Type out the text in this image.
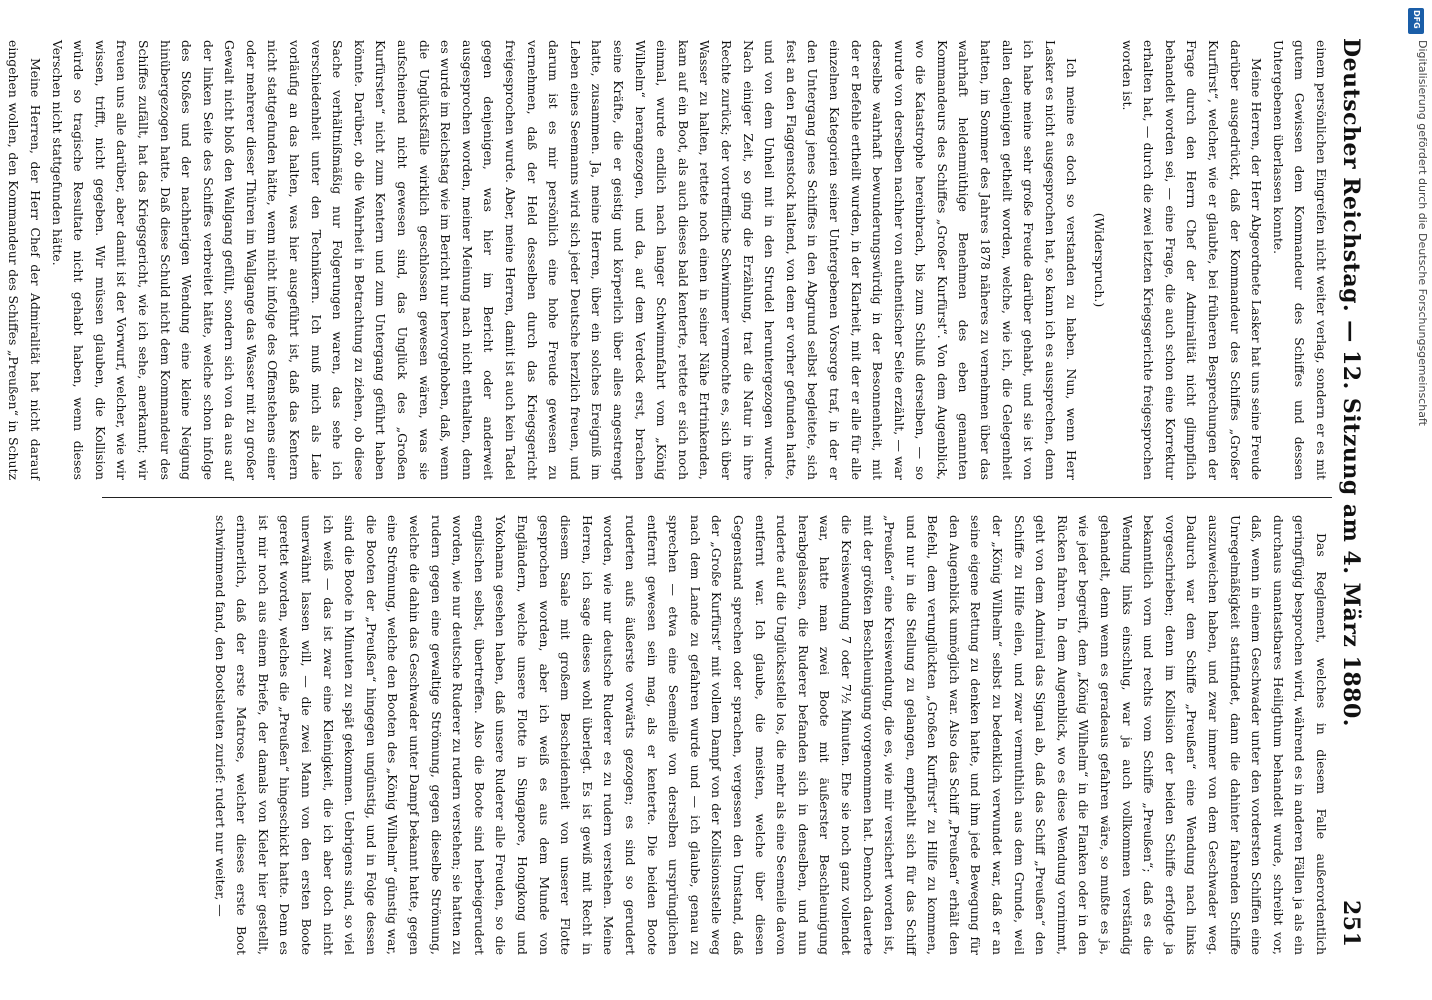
Deutscher Reichstag. —
12. Sitzung am 4. März 1880.
251

einem persönlichen Eingreifen nicht weiter verlag, sondern er es mit gutem Gewissen dem Kommandeur des Schiffes und dessen Untergebenen überlassen konnte.

Meine Herren, der Herr Abgeordnete Lasker hat uns seine Freude darüber ausgedrückt, daß der Kommandeur des Schiffes „Großer Kurfürst“, welcher, wie er glaubte, bei früheren Besprechungen der Frage durch den Herrn Chef der Admiralität nicht glimpflich behandelt worden sei, — eine Frage, die auch schon eine Korrektur erhalten hat, — durch die zwei letzten Kriegsgerichte freigesprochen worden ist.

(Widerspruch.)

Ich meine es doch so verstanden zu haben. Nun, wenn Herr Lasker es nicht ausgesprochen hat, so kann ich es aussprechen, denn ich habe meine sehr große Freude darüber gehabt, und sie ist von allen denjenigen getheilt worden, welche, wie ich, die Gelegenheit hatten, im Sommer des Jahres 1878 näheres zu vernehmen über das wahrhaft heldenmüthige Benehmen des eben genannten Kommandeurs des Schiffes „Großer Kurfürst“. Von dem Augenblick, wo die Katastrophe hereinbrach, bis zum Schluß derselben, — so wurde von derselben nachher von authentischer Seite erzählt, — war derselbe wahrhaft bewunderungswürdig in der Besonnenheit, mit der er Befehle ertheilt wurden, in der Klarheit, mit der er alle für alle einzelnen Kategorien seiner Untergebenen Vorsorge traf, in der er den Untergang jenes Schiffes in den Abgrund selbst begleitete, sich fest an den Flaggenstock haltend, von dem er vorher gefunden hatte, und von dem Unheil mit in den Strudel heruntergezogen wurde. Nach einiger Zeit, so ging die Erzählung, trat die Natur in ihre Rechte zurück; der vortreffliche Schwimmer vermochte es, sich über Wasser zu halten, rettete noch einen in seiner Nähe Ertrinkenden, kam auf ein Boot, als auch dieses bald kenterte, rettete er sich noch einmal, wurde endlich nach langer Schwimmfahrt vom „König Wilhelm“ herangezogen, und da, auf dem Verdeck erst, brachen seine Kräfte, die er geistig und körperlich über alles angestrengt hatte, zusammen. Ja, meine Herren, über ein solches Ereigniß im Leben eines Seemanns wird sich jeder Deutsche herzlich freuen, und darum ist es mir persönlich eine hohe Freude gewesen zu vernehmen, daß der Held desselben durch das Kriegsgericht freigesprochen wurde. Aber, meine Herren, damit ist auch kein Tadel gegen denjenigen, was hier im Bericht oder anderweit ausgesprochen worden, meiner Meinung nach nicht enthalten, denn es wurde im Reichstag wie im Bericht nur hervorgehoben, daß, wenn die Unglücksfälle wirklich geschlossen gewesen wären, was sie aufscheinend nicht gewesen sind, das Unglück des „Großen Kurfürsten“ nicht zum Kentern und zum Untergang geführt haben könnte. Darüber, ob die Wahrheit in Betrachtung zu ziehen, ob diese Sache verhältnißmäßig nur Folgerungen waren, das sehe ich verschiedenheit unter den Technikern. Ich muß mich als Laie vorläufig an das halten, was hier ausgeführt ist, daß das Kentern nicht stattgefunden hätte, wenn nicht infolge des Offenstehens einer oder mehrerer dieser Thüren im Wallgange das Wasser mit zu großer Gewalt nicht bloß den Wallgang gefüllt, sondern sich von da aus auf der linken Seite des Schiffes verbreitet hätte, welche schon infolge des Stoßes und der nachherigen Wendung eine kleine Neigung hinübergezogen hatte. Daß diese Schuld nicht dem Kommandeur des Schiffes zufällt, hat das Kriegsgericht, wie ich sehe, anerkannt; wir freuen uns alle darüber, aber damit ist der Vorwurf, welcher, wie wir wissen, trifft, nicht gegeben. Wir müssen glauben, die Kollision würde so tragische Resultate nicht gehabt haben, wenn dieses Verschen nicht stattgefunden hätte.

Meine Herren, der Herr Chef der Admiralität hat nicht darauf eingehen wollen, den Kommandeur des Schiffes „Preußen“ in Schutz

Das Reglement, welches in diesem Falle außerordentlich geringfügig besprochen wird, während es in anderen Fällen ja als ein durchaus unantastbares Heiligthum behandelt wurde, schreibt vor, daß, wenn in einem Geschwader unter den vordersten Schiffen eine Unregelmäßigkeit stattfindet, dann die dahinter fahrenden Schiffe auszuweichen haben, und zwar immer von dem Geschwader weg. Dadurch war dem Schiffe „Preußen“ eine Wendung nach links vorgeschrieben; denn im Kollision der beiden Schiffe erfolgte ja bekanntlich vorn und rechts vom Schiffe „Preußen“; daß es die Wendung links einschlug, war ja auch vollkommen verständig gehandelt, denn wenn es geradeaus gefahren wäre, so mußte es ja, wie jeder begreift, dem „König Wilhelm“ in die Flanken oder in den Rücken fahren. In dem Augenblick, wo es diese Wendung vornimmt, geht von dem Admiral das Signal ab, daß das Schiff „Preußen“ den Schiffe zu Hilfe eilen, und zwar vermuthlich aus dem Grunde, weil der „König Wilhelm“ selbst zu bedenklich verwundet war, daß er an seine eigene Rettung zu denken hatte, und ihm jede Bewegung für den Augenblick unmöglich war. Also das Schiff „Preußen“ erhält den Befehl, dem verunglückten „Großen Kurfürst“ zu Hilfe zu kommen, und nur in die Stellung zu gelangen, empfiehlt sich für das Schiff „Preußen“ eine Kreiswendung, die es, wie mir versichert worden ist, mit der größten Beschleunigung vorgenommen hat. Dennoch dauerte die Kreiswendung 7 oder 7½ Minuten. Ehe sie noch ganz vollendet war, hatte man zwei Boote mit äußerster Beschleunigung herabgelassen, die Ruderer befanden sich in denselben, und nun ruderte auf die Unglücksstelle los, die mehr als eine Seemeile davon entfernt war. Ich glaube, die meisten, welche über diesen Gegenstand sprechen oder sprachen, vergessen den Umstand, daß der „Große Kurfürst“ mit vollem Dampf von der Kollisionsstelle weg nach dem Lande zu gefahren wurde und — ich glaube, genau zu sprechen — etwa eine Seemeile von derselben ursprünglichen entfernt gewesen sein mag, als er kenterte. Die beiden Boote ruderten aufs äußerste vorwärts gezogen; es sind so gerudert worden, wie nur deutsche Ruderer es zu rudern verstehen. Meine Herren, ich sage dieses wohl überlegt. Es ist gewiß mit Recht in diesem Saale mit großem Bescheidenheit von unserer Flotte gesprochen worden, aber ich weiß es aus dem Munde von Engländern, welche unsere Flotte in Singapore, Hongkong und Yokohama gesehen haben, daß unsere Ruderer alle Freuden, so die englischen selbst, übertreffen. Also die Boote sind herbeigerudert worden, wie nur deutsche Ruderer zu rudern verstehen; sie hatten zu rudern gegen eine gewaltige Strömung, gegen dieselbe Strömung, welche die dahin das Geschwader unter Dampf bekannt hatte, gegen eine Strömung, welche den Booten des „König Wilhelm“ günstig war, die Booten der „Preußen“ hingegen ungünstig, und in Folge dessen sind die Boote in Minuten zu spät gekommen. Uebrigens sind, so viel ich weiß — das ist zwar eine Kleinigkeit, die ich aber doch nicht unerwähnt lassen will, — die zwei Mann von den ersten Boote gerettet worden, welches die „Preußen“ hingeschickt hatte. Denn es ist mir noch aus einem Briefe, der damals von Kieler hier gestellt, erinnerlich, daß der erste Matrose, welcher dieses erste Boot schwimmend fand, den Bootsleuten zurief: rudert nur weiter, —

Digitalisierung gefördert durch die Deutsche Forschungsgemeinschaft
DFG
